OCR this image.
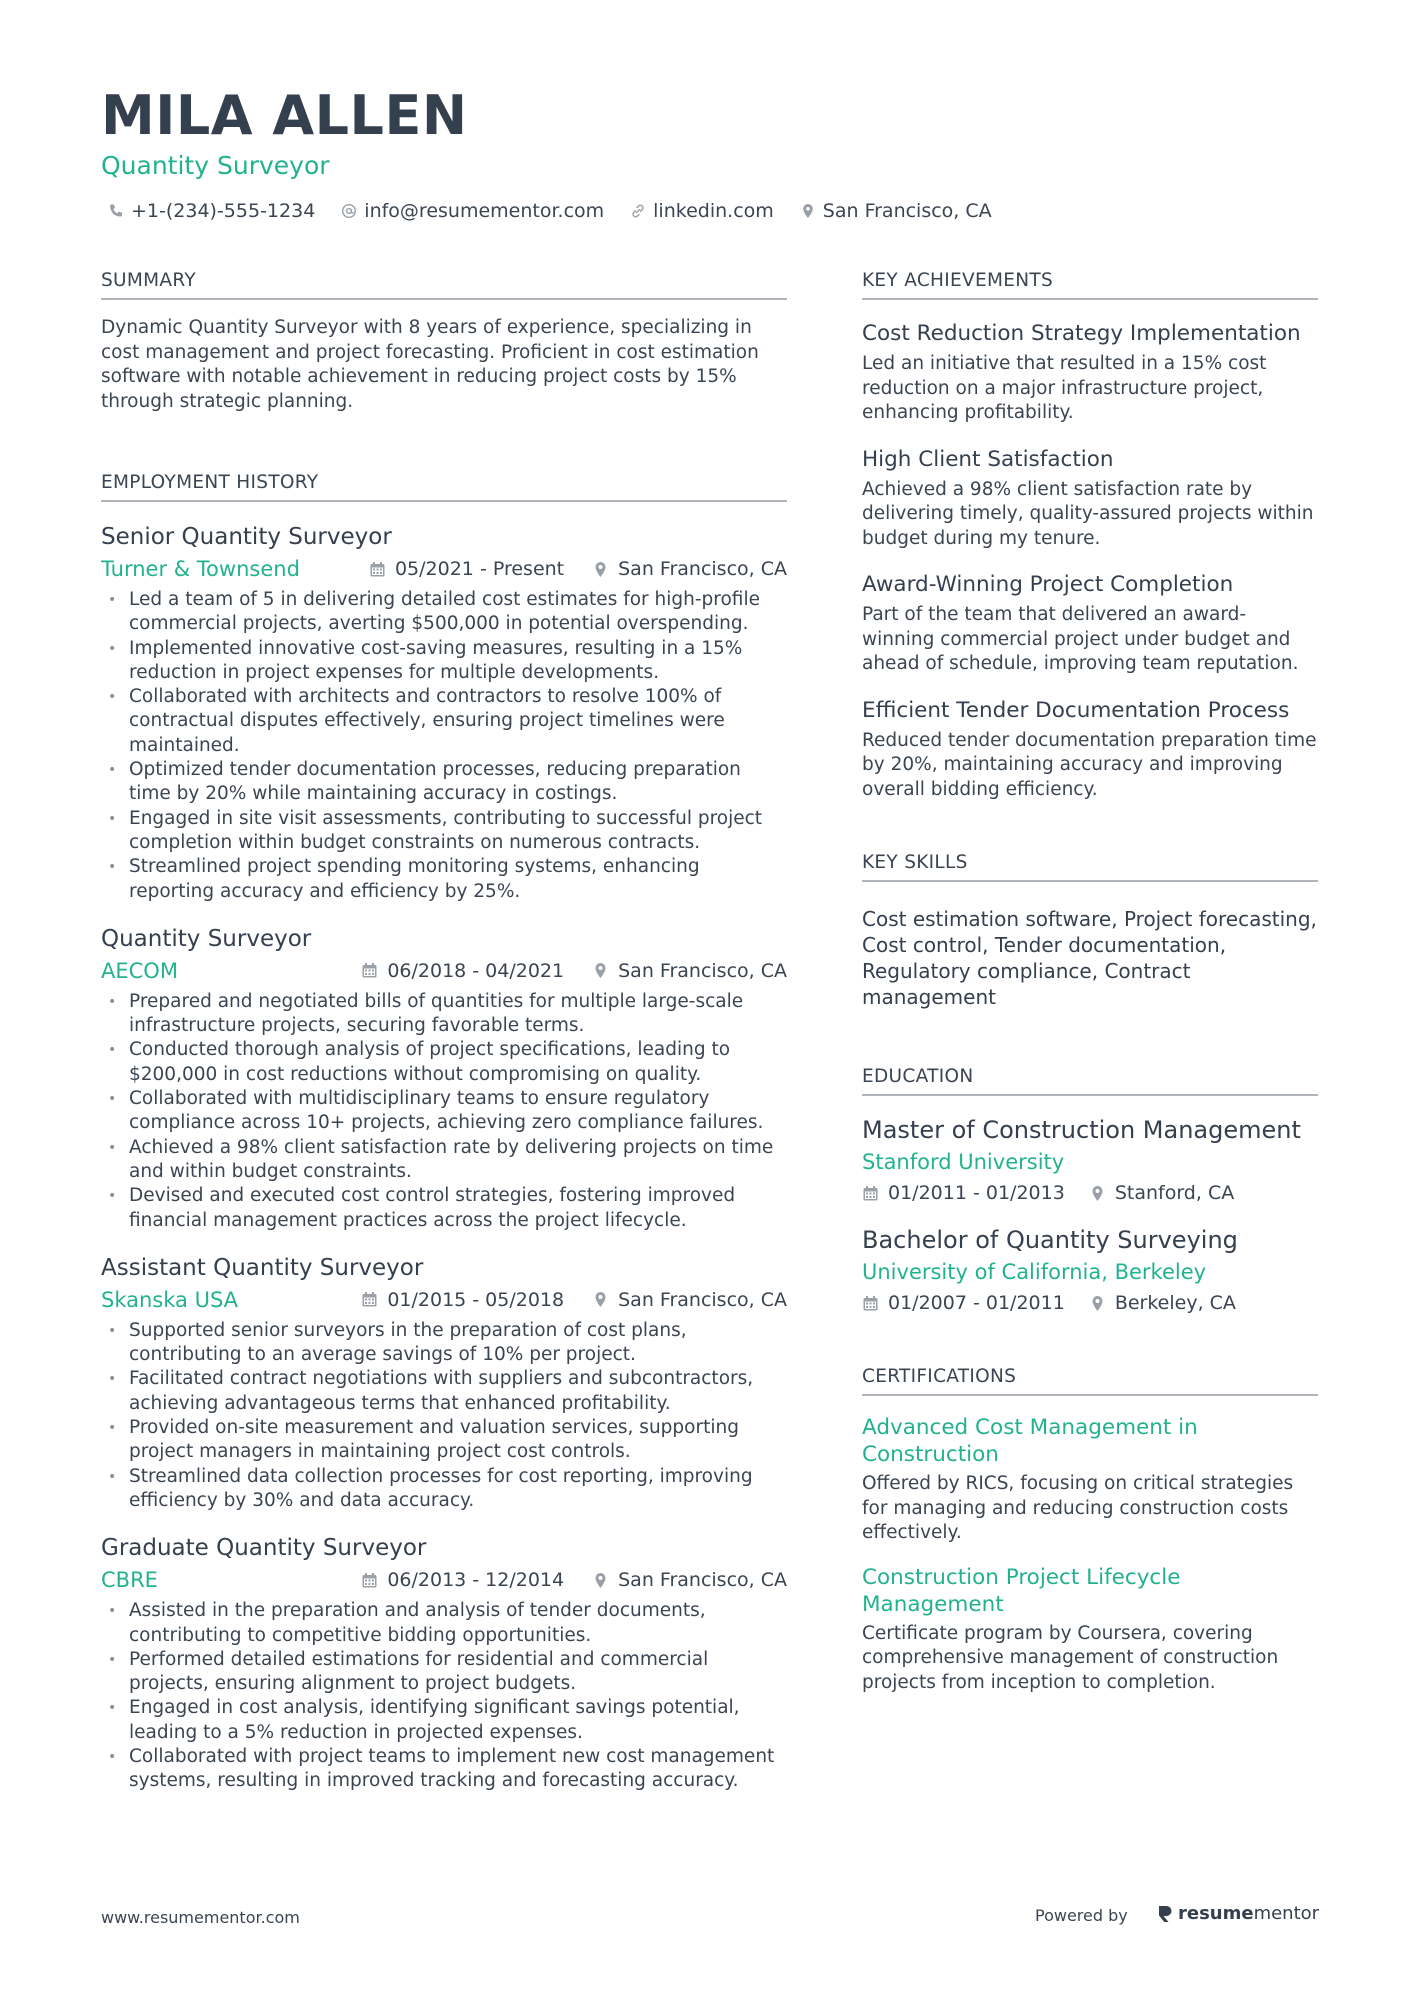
MILA ALLEN
Quantity Surveyor
+1-(234)-555-1234	info@resumementor.com	linkedin.com	San Francisco, CA
SUMMARY

Dynamic Quantity Surveyor with 8 years of experience, specializing in cost management and project forecasting. Proficient in cost estimation software with notable achievement in reducing project costs by 15% through strategic planning.

EMPLOYMENT HISTORY
Senior Quantity Surveyor
Turner & Townsend	05/2021 - Present	San Francisco, CA
• Led a team of 5 in delivering detailed cost estimates for high-profile commercial projects, averting $500,000 in potential overspending.
• Implemented innovative cost-saving measures, resulting in a 15% reduction in project expenses for multiple developments.
• Collaborated with architects and contractors to resolve 100% of contractual disputes effectively, ensuring project timelines were maintained.
• Optimized tender documentation processes, reducing preparation time by 20% while maintaining accuracy in costings.
• Engaged in site visit assessments, contributing to successful project completion within budget constraints on numerous contracts.
• Streamlined project spending monitoring systems, enhancing reporting accuracy and efficiency by 25%.
Quantity Surveyor
AECOM	06/2018 - 04/2021	San Francisco, CA
• Prepared and negotiated bills of quantities for multiple large-scale infrastructure projects, securing favorable terms.
• Conducted thorough analysis of project specifications, leading to $200,000 in cost reductions without compromising on quality.
• Collaborated with multidisciplinary teams to ensure regulatory compliance across 10+ projects, achieving zero compliance failures.
• Achieved a 98% client satisfaction rate by delivering projects on time and within budget constraints.
• Devised and executed cost control strategies, fostering improved financial management practices across the project lifecycle.
Assistant Quantity Surveyor
Skanska USA	01/2015 - 05/2018	San Francisco, CA
• Supported senior surveyors in the preparation of cost plans, contributing to an average savings of 10% per project.
• Facilitated contract negotiations with suppliers and subcontractors, achieving advantageous terms that enhanced profitability.
• Provided on-site measurement and valuation services, supporting project managers in maintaining project cost controls.
• Streamlined data collection processes for cost reporting, improving efficiency by 30% and data accuracy.
Graduate Quantity Surveyor
CBRE	06/2013 - 12/2014	San Francisco, CA
• Assisted in the preparation and analysis of tender documents, contributing to competitive bidding opportunities.
• Performed detailed estimations for residential and commercial projects, ensuring alignment to project budgets.
• Engaged in cost analysis, identifying significant savings potential, leading to a 5% reduction in projected expenses.
• Collaborated with project teams to implement new cost management systems, resulting in improved tracking and forecasting accuracy.
KEY ACHIEVEMENTS
Cost Reduction Strategy Implementation
Led an initiative that resulted in a 15% cost reduction on a major infrastructure project, enhancing profitability.
High Client Satisfaction
Achieved a 98% client satisfaction rate by delivering timely, quality-assured projects within budget during my tenure.
Award-Winning Project Completion
Part of the team that delivered an award-winning commercial project under budget and ahead of schedule, improving team reputation.
Efficient Tender Documentation Process
Reduced tender documentation preparation time by 20%, maintaining accuracy and improving overall bidding efficiency.
KEY SKILLS

Cost estimation software, Project forecasting, Cost control, Tender documentation, Regulatory compliance, Contract management

EDUCATION
Master of Construction Management
Stanford University
01/2011 - 01/2013	Stanford, CA
Bachelor of Quantity Surveying
University of California, Berkeley
01/2007 - 01/2011	Berkeley, CA
CERTIFICATIONS
Advanced Cost Management in Construction
Offered by RICS, focusing on critical strategies for managing and reducing construction costs effectively.
Construction Project Lifecycle Management
Certificate program by Coursera, covering comprehensive management of construction projects from inception to completion.
www.resumementor.com	Powered by	resume mentor
